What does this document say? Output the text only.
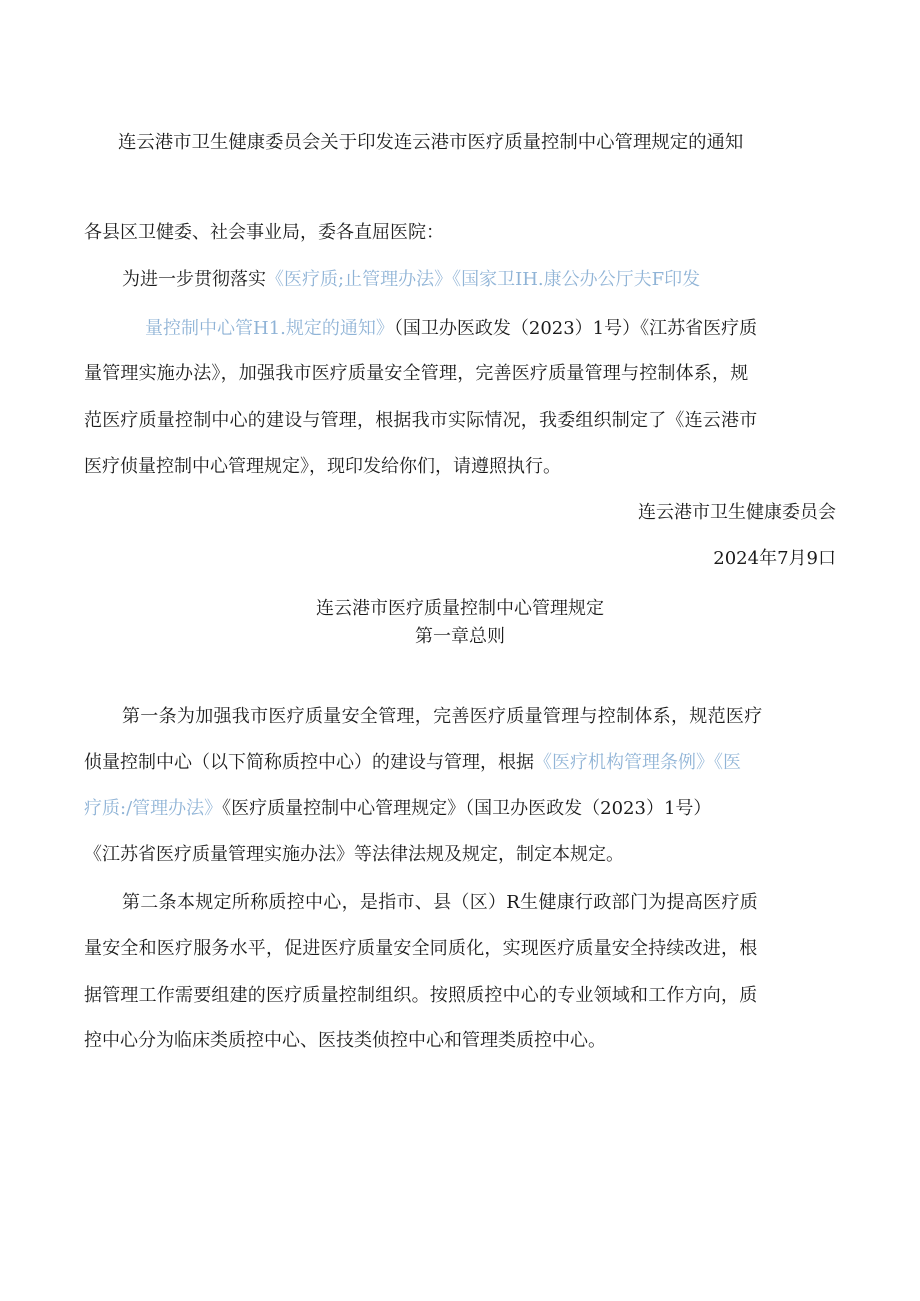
连云港市卫生健康委员会关于印发连云港市医疗质量控制中心管理规定的通知
各县区卫健委、社会事业局，委各直屈医院：
为进一步贯彻落实《医疗质;止管理办法》《国家卫IH.康公办公厅夫F印发
量控制中心管H1.规定的通知》（国卫办医政发（2023）1号）《江苏省医疗质
量管理实施办法》，加强我市医疗质量安全管理，完善医疗质量管理与控制体系，规
范医疗质量控制中心的建设与管理，根据我市实际情况，我委组织制定了《连云港市
医疗侦量控制中心管理规定》，现印发给你们，请遵照执行。
连云港市卫生健康委员会
2024年7月9口
连云港市医疗质量控制中心管理规定
第一章总则
第一条为加强我市医疗质量安全管理，完善医疗质量管理与控制体系，规范医疗
侦量控制中心（以下简称质控中心）的建设与管理，根据《医疗机构管理条例》《医
疗质:/管理办法》《医疗质量控制中心管理规定》（国卫办医政发（2023）1号）
《江苏省医疗质量管理实施办法》等法律法规及规定，制定本规定。
第二条本规定所称质控中心，是指市、县（区）R生健康行政部门为提高医疗质
量安全和医疗服务水平，促进医疗质量安全同质化，实现医疗质量安全持续改进，根
据管理工作需要组建的医疗质量控制组织。按照质控中心的专业领域和工作方向，质
控中心分为临床类质控中心、医技类侦控中心和管理类质控中心。
